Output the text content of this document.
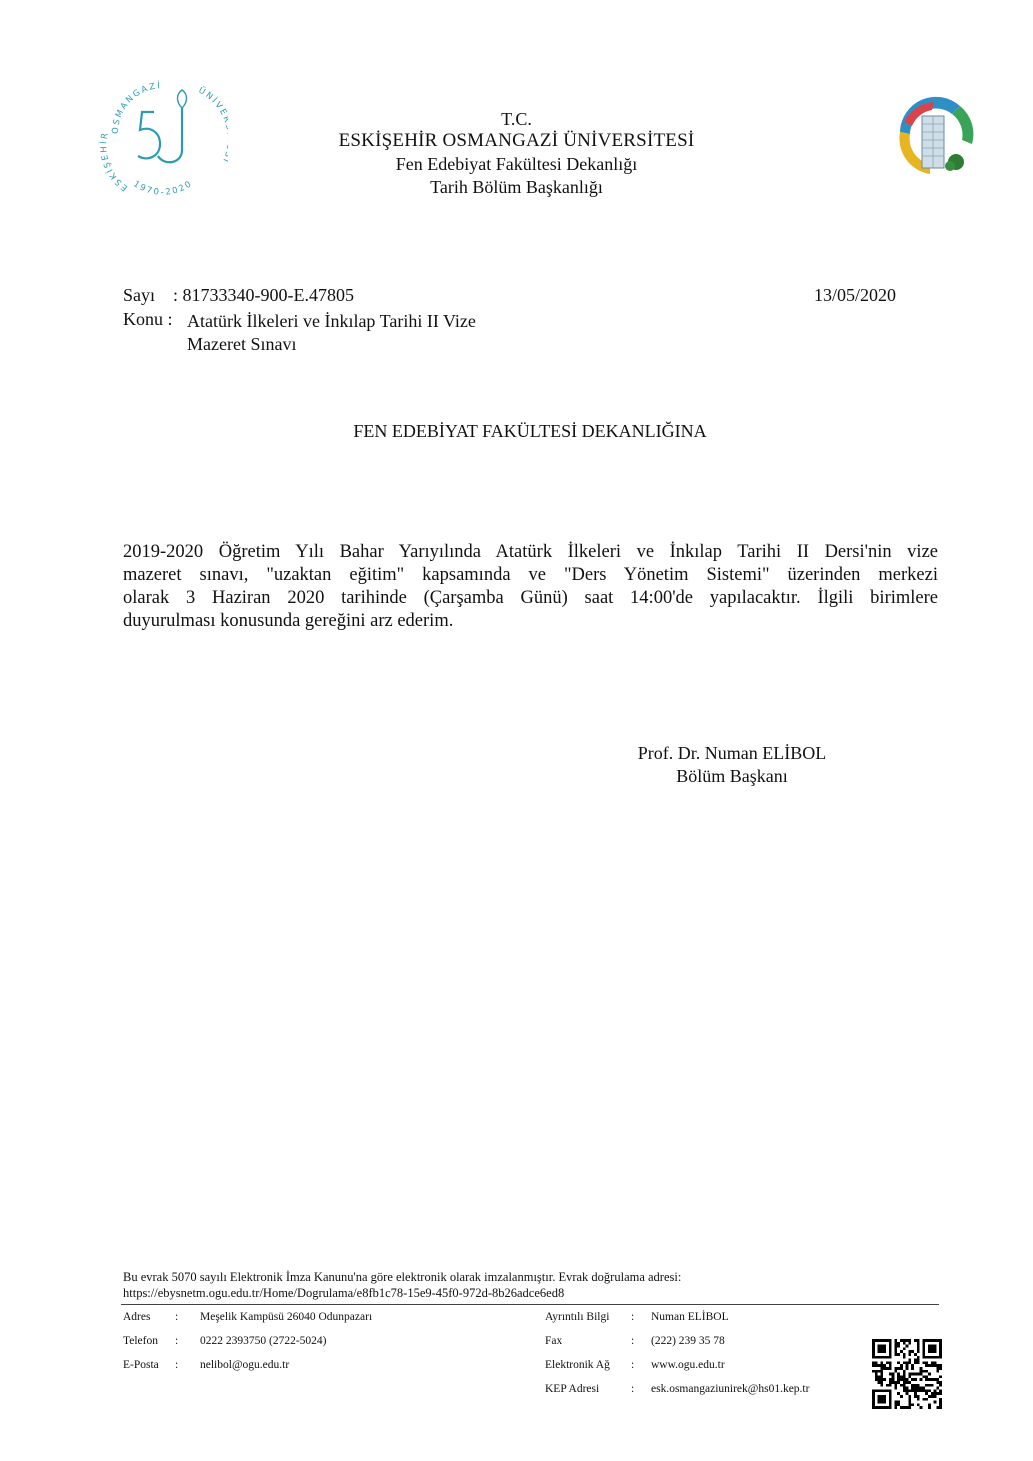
OSMANGAZİ
ESKİŞEHİR
ÜNİV
1970-2020
T.C.
ESKİŞEHİR OSMANGAZİ ÜNİVERSİTESİ
Fen Edebiyat Fakültesi Dekanlığı
Tarih Bölüm Başkanlığı
Sayı : 81733340-900-E.47805	13/05/2020
Konu : Atatürk İlkeleri ve İnkılap Tarihi II Vize
Mazeret Sınavı
FEN EDEBİYAT FAKÜLTESİ DEKANLIĞINA
2019-2020 Öğretim Yılı Bahar Yarıyılında Atatürk İlkeleri ve İnkılap Tarihi II Dersi'nin vize
mazeret sınavı, "uzaktan eğitim" kapsamında ve "Ders Yönetim Sistemi" üzerinden merkezi
olarak 3 Haziran 2020 tarihinde (Çarşamba Günü) saat 14:00'de yapılacaktır. İlgili birimlere
duyurulması konusunda gereğini arz ederim.
Prof. Dr. Numan ELİBOL
Bölüm Başkanı
Bu evrak 5070 sayılı Elektronik İmza Kanunu'na göre elektronik olarak imzalanmıştır. Evrak doğrulama adresi:
https://ebysnetm.ogu.edu.tr/Home/Dogrulama/e8fb1c78-15e9-45f0-972d-8b26adce6ed8
Adres : Meşelik Kampüsü 26040 Odunpazarı
Telefon : 0222 2393750 (2722-5024)
E-Posta : nelibol@ogu.edu.tr
Ayrıntılı Bilgi : Numan ELİBOL
Fax	: (222) 239 35 78
Elektronik Ağ : www.ogu.edu.tr
KEP Adresi	: esk.osmangaziunirek@hs01.kep.tr
